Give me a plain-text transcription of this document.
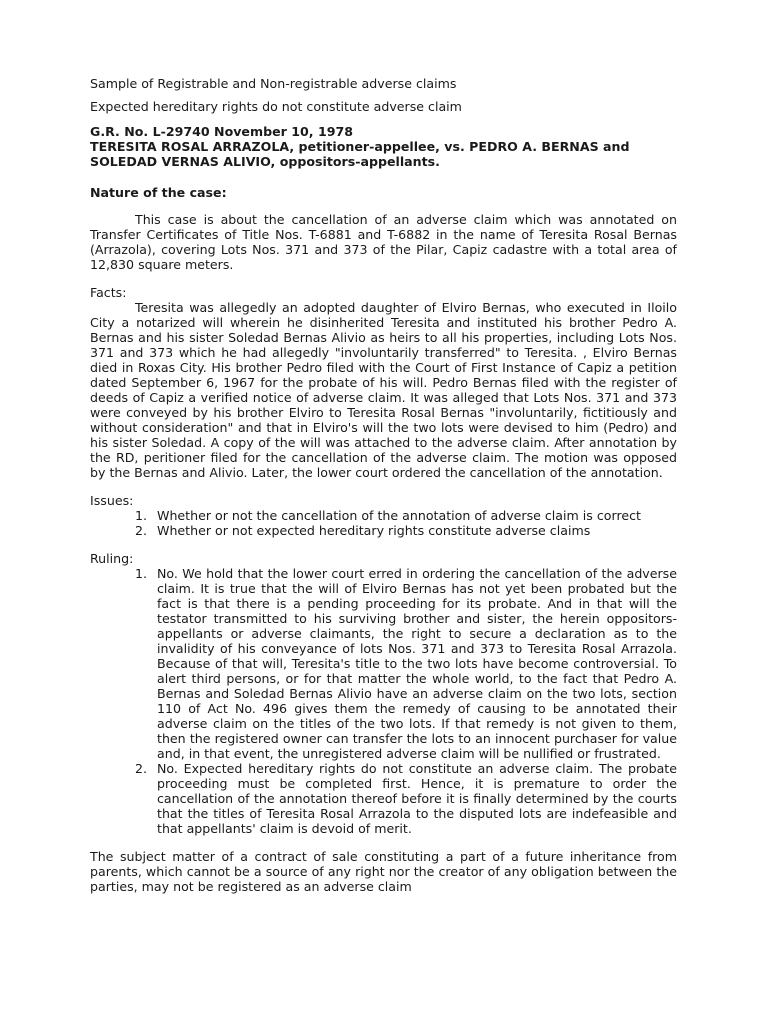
Sample of Registrable and Non-registrable adverse claims

Expected hereditary rights do not constitute adverse claim

G.R. No. L-29740 November 10, 1978

TERESITA ROSAL ARRAZOLA, petitioner-appellee, vs. PEDRO A. BERNAS and SOLEDAD VERNAS ALIVIO, oppositors-appellants.

Nature of the case:

This case is about the cancellation of an adverse claim which was annotated on Transfer Certificates of Title Nos. T-6881 and T-6882 in the name of Teresita Rosal Bernas (Arrazola), covering Lots Nos. 371 and 373 of the Pilar, Capiz cadastre with a total area of 12,830 square meters.

Facts:

Teresita was allegedly an adopted daughter of Elviro Bernas, who executed in Iloilo City a notarized will wherein he disinherited Teresita and instituted his brother Pedro A. Bernas and his sister Soledad Bernas Alivio as heirs to all his properties, including Lots Nos. 371 and 373 which he had allegedly "involuntarily transferred" to Teresita. , Elviro Bernas died in Roxas City. His brother Pedro filed with the Court of First Instance of Capiz a petition dated September 6, 1967 for the probate of his will. Pedro Bernas filed with the register of deeds of Capiz a verified notice of adverse claim. It was alleged that Lots Nos. 371 and 373 were conveyed by his brother Elviro to Teresita Rosal Bernas "involuntarily, fictitiously and without consideration" and that in Elviro's will the two lots were devised to him (Pedro) and his sister Soledad. A copy of the will was attached to the adverse claim. After annotation by the RD, peritioner filed for the cancellation of the adverse claim. The motion was opposed by the Bernas and Alivio. Later, the lower court ordered the cancellation of the annotation.

Issues:

1. Whether or not the cancellation of the annotation of adverse claim is correct
2. Whether or not expected hereditary rights constitute adverse claims

Ruling:

1. No. We hold that the lower court erred in ordering the cancellation of the adverse claim. It is true that the will of Elviro Bernas has not yet been probated but the fact is that there is a pending proceeding for its probate. And in that will the testator transmitted to his surviving brother and sister, the herein oppositors-appellants or adverse claimants, the right to secure a declaration as to the invalidity of his conveyance of lots Nos. 371 and 373 to Teresita Rosal Arrazola. Because of that will, Teresita's title to the two lots have become controversial. To alert third persons, or for that matter the whole world, to the fact that Pedro A. Bernas and Soledad Bernas Alivio have an adverse claim on the two lots, section 110 of Act No. 496 gives them the remedy of causing to be annotated their adverse claim on the titles of the two lots. If that remedy is not given to them, then the registered owner can transfer the lots to an innocent purchaser for value and, in that event, the unregistered adverse claim will be nullified or frustrated.
2. No. Expected hereditary rights do not constitute an adverse claim. The probate proceeding must be completed first. Hence, it is premature to order the cancellation of the annotation thereof before it is finally determined by the courts that the titles of Teresita Rosal Arrazola to the disputed lots are indefeasible and that appellants' claim is devoid of merit.

The subject matter of a contract of sale constituting a part of a future inheritance from parents, which cannot be a source of any right nor the creator of any obligation between the parties, may not be registered as an adverse claim
